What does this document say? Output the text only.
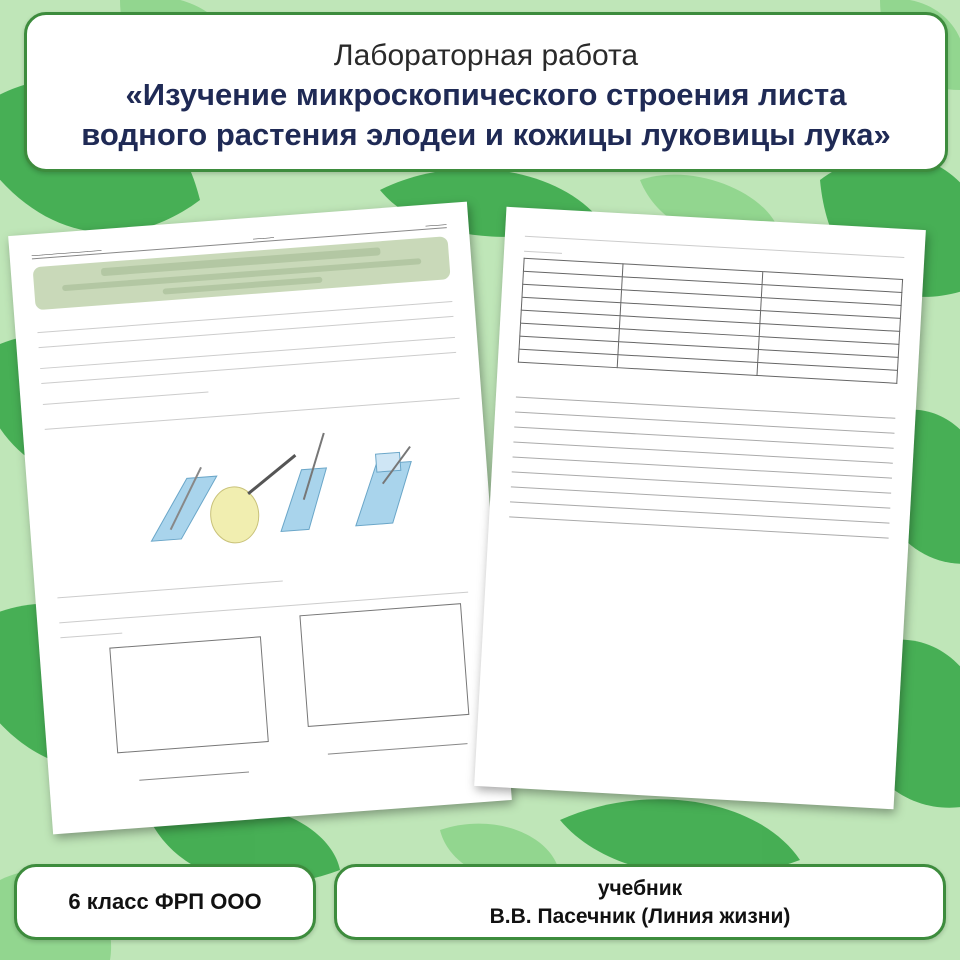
Лабораторная работа
«Изучение микроскопического строения листа
водного растения элодеи и кожицы луковицы лука»
____________________
______
______

6 класс ФРП ООО
учебник
В.В. Пасечник (Линия жизни)
